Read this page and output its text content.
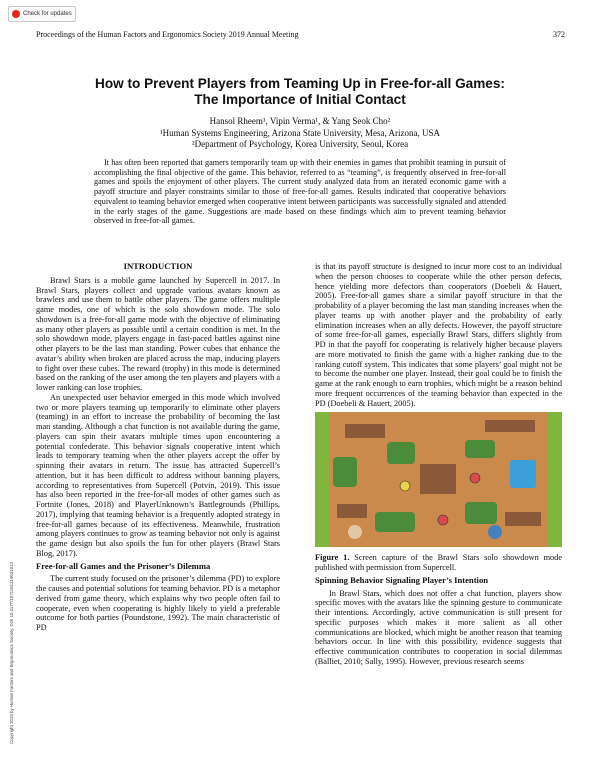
Check for updates
Proceedings of the Human Factors and Ergonomics Society 2019 Annual Meeting	372
How to Prevent Players from Teaming Up in Free-for-all Games:
The Importance of Initial Contact
Hansol Rheem¹, Vipin Verma¹, & Yang Seok Cho²
¹Human Systems Engineering, Arizona State University, Mesa, Arizona, USA
²Department of Psychology, Korea University, Seoul, Korea

It has often been reported that gamers temporarily team up with their enemies in games that prohibit teaming in pursuit of accomplishing the final objective of the game. This behavior, referred to as “teaming”, is frequently observed in free-for-all games and spoils the enjoyment of other players. The current study analyzed data from an iterated economic game with a payoff structure and player constraints similar to those of free-for-all games. Results indicated that cooperative behaviors equivalent to teaming behavior emerged when cooperative intent between participants was successfully signaled and attended in the early stages of the game. Suggestions are made based on these findings which aim to prevent teaming behavior observed in free-for-all games.

Copyright 2019 by Human Factors and Ergonomics Society. DOI 10.1177/1071181319631013
INTRODUCTION

Brawl Stars is a mobile game launched by Supercell in 2017. In Brawl Stars, players collect and upgrade various avatars known as brawlers and use them to battle other players. The game offers multiple game modes, one of which is the solo showdown mode. The solo showdown is a free-for-all game mode with the objective of eliminating as many other players as possible until a certain condition is met. In the solo showdown mode, players engage in fast-paced battles against nine other players to be the last man standing. Power cubes that enhance the avatar’s ability when broken are placed across the map, inducing players to fight over these cubes. The reward (trophy) in this mode is determined based on the ranking of the user among the ten players and players with a lower ranking can lose trophies.

An unexpected user behavior emerged in this mode which involved two or more players teaming up temporarily to eliminate other players (teaming) in an effort to increase the probability of becoming the last man standing. Although a chat function is not available during the game, players can spin their avatars multiple times upon encountering a potential confederate. This behavior signals cooperative intent which leads to temporary teaming when the other players accept the offer by spinning their avatars in return. The issue has attracted Supercell’s attention, but it has been difficult to address without banning players, according to representatives from Supercell (Potvin, 2019). This issue has also been reported in the free-for-all modes of other games such as Fortnite (Jones, 2018) and PlayerUnknown’s Battlegrounds (Phillips, 2017), implying that teaming behavior is a frequently adopted strategy in free-for-all games because of its effectiveness. Meanwhile, frustration among players continues to grow as teaming behavior not only is against the game design but also spoils the fun for other players (Brawl Stars Blog, 2017).

Free-for-all Games and the Prisoner’s Dilemma

The current study focused on the prisoner’s dilemma (PD) to explore the causes and potential solutions for teaming behavior. PD is a metaphor derived from game theory, which explains why two people often fail to cooperate, even when cooperating is highly likely to yield a preferable outcome for both parties (Poundstone, 1992). The main characteristic of PD

is that its payoff structure is designed to incur more cost to an individual when the person chooses to cooperate while the other person defects, hence yielding more defectors than cooperators (Doebeli & Hauert, 2005). Free-for-all games share a similar payoff structure in that the probability of a player becoming the last man standing increases when the player teams up with another player and the probability of early elimination increases when an ally defects. However, the payoff structure of some free-for-all games, especially Brawl Stars, differs slightly from PD in that the payoff for cooperating is relatively higher because players are more motivated to finish the game with a higher ranking due to the ranking cutoff system. This indicates that some players’ goal might not be to become the number one player. Instead, their goal could be to finish the game at the rank enough to earn trophies, which might be a reason behind more frequent occurrences of the teaming behavior than expected in the PD (Doebeli & Hauert, 2005).

Figure 1. Screen capture of the Brawl Stars solo showdown mode published with permission from Supercell.
Spinning Behavior Signaling Player’s Intention

In Brawl Stars, which does not offer a chat function, players show specific moves with the avatars like the spinning gesture to communicate their intentions. Accordingly, active communication is still present for specific purposes which makes it more salient as all other communications are blocked, which might be another reason that teaming behaviors occur. In line with this possibility, evidence suggests that effective communication contributes to cooperation in social dilemmas (Balliet, 2010; Sally, 1995). However, previous research seems
